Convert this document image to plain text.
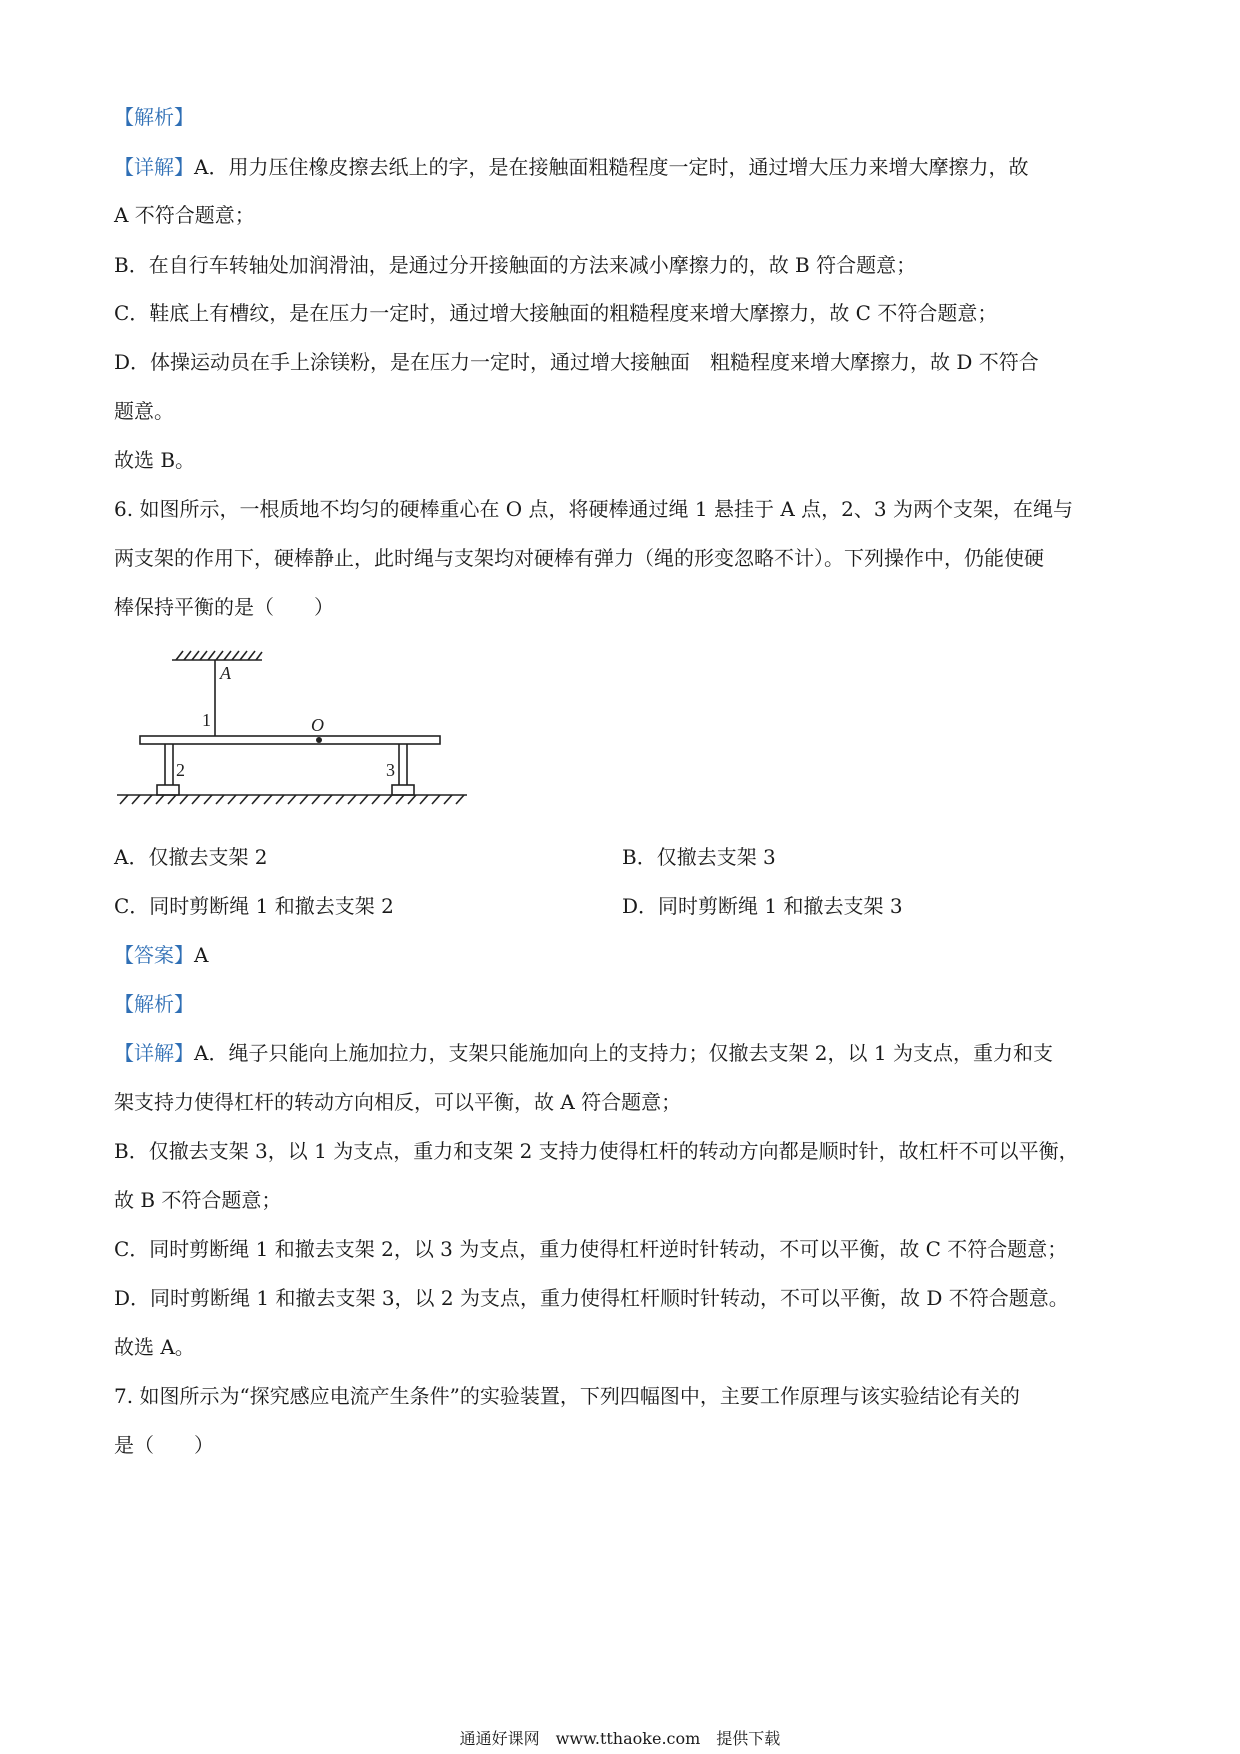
【解析】
【详解】A．用力压住橡皮擦去纸上的字，是在接触面粗糙程度一定时，通过增大压力来增大摩擦力，故
A 不符合题意；
B．在自行车转轴处加润滑油，是通过分开接触面的方法来减小摩擦力的，故 B 符合题意；
C．鞋底上有槽纹，是在压力一定时，通过增大接触面的粗糙程度来增大摩擦力，故 C 不符合题意；
D．体操运动员在手上涂镁粉，是在压力一定时，通过增大接触面　粗糙程度来增大摩擦力，故 D 不符合
题意。
故选 B。
6. 如图所示，一根质地不均匀的硬棒重心在 O 点，将硬棒通过绳 1 悬挂于 A 点，2、3 为两个支架，在绳与
两支架的作用下，硬棒静止，此时绳与支架均对硬棒有弹力（绳的形变忽略不计）。下列操作中，仍能使硬
棒保持平衡的是（　　）
A
1	O
2	3
A．仅撤去支架 2	B．仅撤去支架 3
C．同时剪断绳 1 和撤去支架 2	D．同时剪断绳 1 和撤去支架 3
【答案】A
【解析】
【详解】A．绳子只能向上施加拉力，支架只能施加向上的支持力；仅撤去支架 2，以 1 为支点，重力和支
架支持力使得杠杆的转动方向相反，可以平衡，故 A 符合题意；
B．仅撤去支架 3，以 1 为支点，重力和支架 2 支持力使得杠杆的转动方向都是顺时针，故杠杆不可以平衡，
故 B 不符合题意；
C．同时剪断绳 1 和撤去支架 2，以 3 为支点，重力使得杠杆逆时针转动，不可以平衡，故 C 不符合题意；
D．同时剪断绳 1 和撤去支架 3，以 2 为支点，重力使得杠杆顺时针转动，不可以平衡，故 D 不符合题意。
故选 A。
7. 如图所示为“探究感应电流产生条件”的实验装置，下列四幅图中，主要工作原理与该实验结论有关的
是（　　）
通通好课网　www.tthaoke.com　提供下载
